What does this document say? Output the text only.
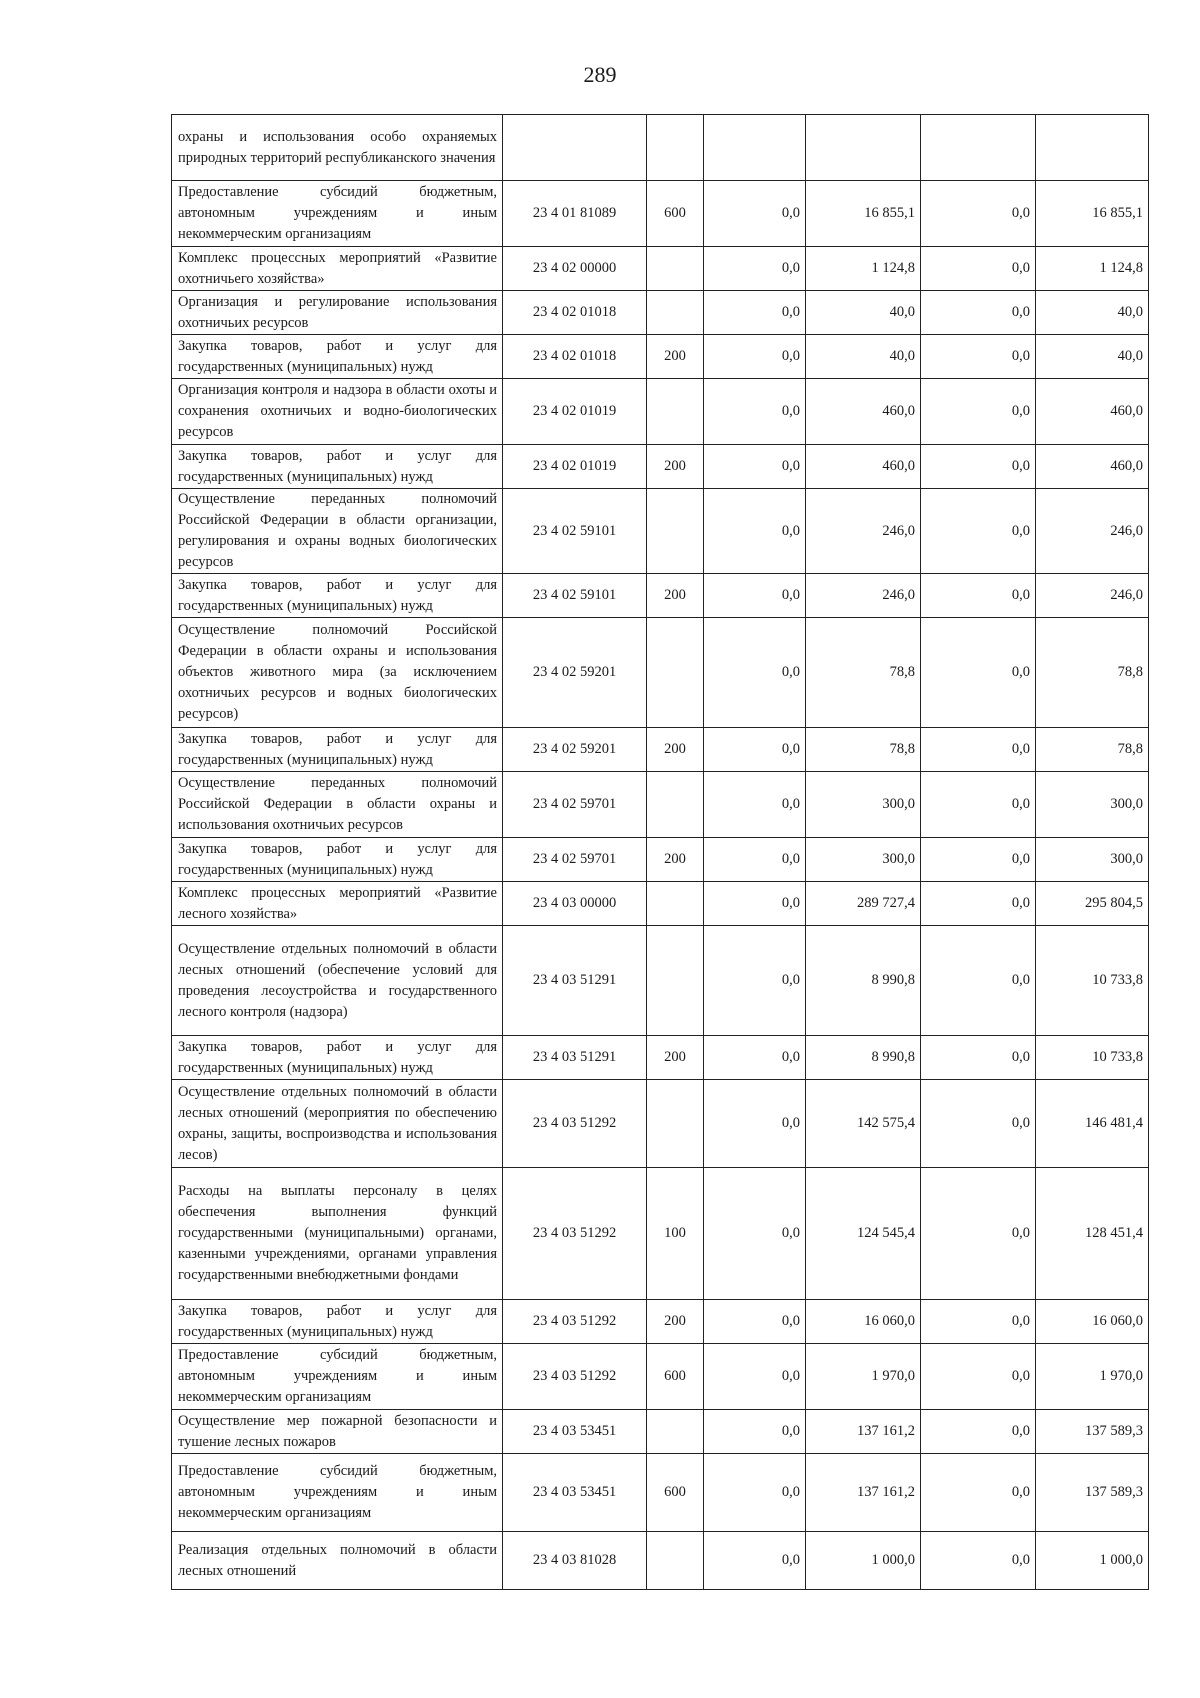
289
охраны и использования особо охраняемых природных территорий республиканского значения						
Предоставление субсидий бюджетным, автономным учреждениям и иным некоммерческим организациям	23 4 01 81089	600	0,0	16 855,1	0,0	16 855,1
Комплекс процессных мероприятий «Развитие охотничьего хозяйства»	23 4 02 00000		0,0	1 124,8	0,0	1 124,8
Организация и регулирование использования охотничьих ресурсов	23 4 02 01018		0,0	40,0	0,0	40,0
Закупка товаров, работ и услуг для государственных (муниципальных) нужд	23 4 02 01018	200	0,0	40,0	0,0	40,0
Организация контроля и надзора в области охоты и сохранения охотничьих и водно-биологических ресурсов	23 4 02 01019		0,0	460,0	0,0	460,0
Закупка товаров, работ и услуг для государственных (муниципальных) нужд	23 4 02 01019	200	0,0	460,0	0,0	460,0
Осуществление переданных полномочий Российской Федерации в области организации, регулирования и охраны водных биологических ресурсов	23 4 02 59101		0,0	246,0	0,0	246,0
Закупка товаров, работ и услуг для государственных (муниципальных) нужд	23 4 02 59101	200	0,0	246,0	0,0	246,0
Осуществление полномочий Российской Федерации в области охраны и использования объектов животного мира (за исключением охотничьих ресурсов и водных биологических ресурсов)	23 4 02 59201		0,0	78,8	0,0	78,8
Закупка товаров, работ и услуг для государственных (муниципальных) нужд	23 4 02 59201	200	0,0	78,8	0,0	78,8
Осуществление переданных полномочий Российской Федерации в области охраны и использования охотничьих ресурсов	23 4 02 59701		0,0	300,0	0,0	300,0
Закупка товаров, работ и услуг для государственных (муниципальных) нужд	23 4 02 59701	200	0,0	300,0	0,0	300,0
Комплекс процессных мероприятий «Развитие лесного хозяйства»	23 4 03 00000		0,0	289 727,4	0,0	295 804,5
Осуществление отдельных полномочий в области лесных отношений (обеспечение условий для проведения лесоустройства и государственного лесного контроля (надзора)	23 4 03 51291		0,0	8 990,8	0,0	10 733,8
Закупка товаров, работ и услуг для государственных (муниципальных) нужд	23 4 03 51291	200	0,0	8 990,8	0,0	10 733,8
Осуществление отдельных полномочий в области лесных отношений (мероприятия по обеспечению охраны, защиты, воспроизводства и использования лесов)	23 4 03 51292		0,0	142 575,4	0,0	146 481,4
Расходы на выплаты персоналу в целях обеспечения выполнения функций государственными (муниципальными) органами, казенными учреждениями, органами управления государственными внебюджетными фондами	23 4 03 51292	100	0,0	124 545,4	0,0	128 451,4
Закупка товаров, работ и услуг для государственных (муниципальных) нужд	23 4 03 51292	200	0,0	16 060,0	0,0	16 060,0
Предоставление субсидий бюджетным, автономным учреждениям и иным некоммерческим организациям	23 4 03 51292	600	0,0	1 970,0	0,0	1 970,0
Осуществление мер пожарной безопасности и тушение лесных пожаров	23 4 03 53451		0,0	137 161,2	0,0	137 589,3
Предоставление субсидий бюджетным, автономным учреждениям и иным некоммерческим организациям	23 4 03 53451	600	0,0	137 161,2	0,0	137 589,3
Реализация отдельных полномочий в области лесных отношений	23 4 03 81028		0,0	1 000,0	0,0	1 000,0
